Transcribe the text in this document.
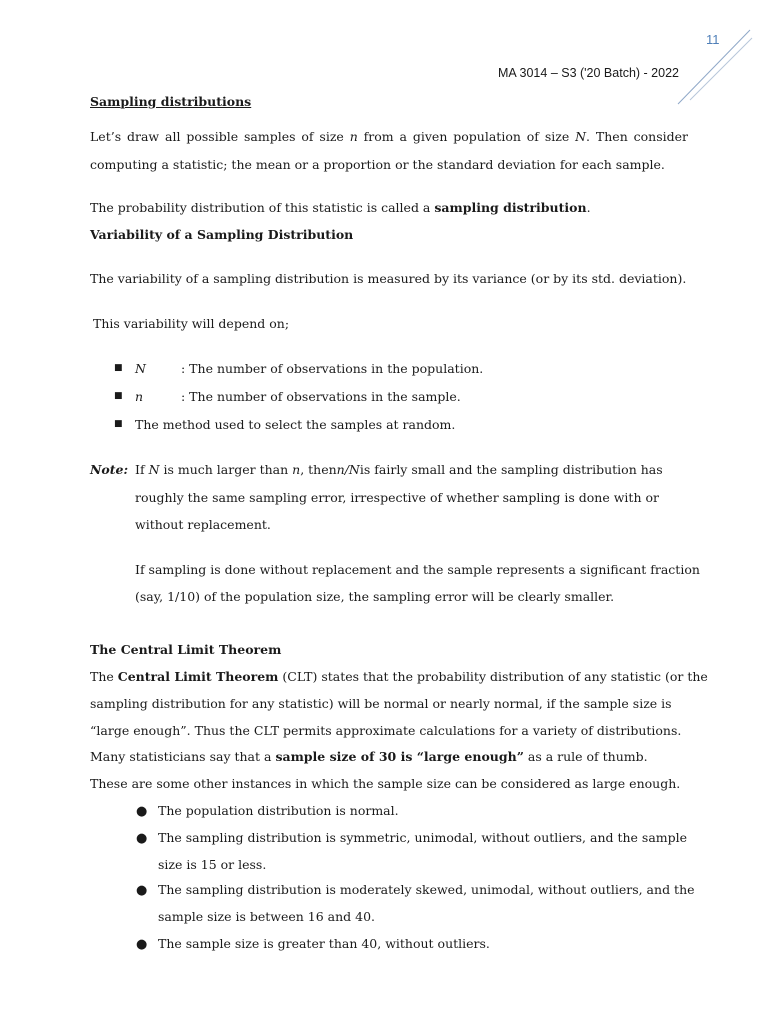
11
MA 3014 – S3 ('20 Batch) - 2022
Sampling distributions
Let’s draw all possible samples of size n from a given population of size N. Then consider
computing a statistic; the mean or a proportion or the standard deviation for each sample.
The probability distribution of this statistic is called a sampling distribution.
Variability of a Sampling Distribution
The variability of a sampling distribution is measured by its variance (or by its std. deviation).
This variability will depend on;
■ N	: The number of observations in the population.
■ n	: The number of observations in the sample.
■ The method used to select the samples at random.
Note: If N is much larger than n, thenn/Nis fairly small and the sampling distribution has
roughly the same sampling error, irrespective of whether sampling is done with or
without replacement.
If sampling is done without replacement and the sample represents a significant fraction
(say, 1/10) of the population size, the sampling error will be clearly smaller.
The Central Limit Theorem
The Central Limit Theorem (CLT) states that the probability distribution of any statistic (or the
sampling distribution for any statistic) will be normal or nearly normal, if the sample size is
“large enough”. Thus the CLT permits approximate calculations for a variety of distributions.
Many statisticians say that a sample size of 30 is “large enough” as a rule of thumb.
These are some other instances in which the sample size can be considered as large enough.
● The population distribution is normal.
● The sampling distribution is symmetric, unimodal, without outliers, and the sample
size is 15 or less.
● The sampling distribution is moderately skewed, unimodal, without outliers, and the
sample size is between 16 and 40.
● The sample size is greater than 40, without outliers.
